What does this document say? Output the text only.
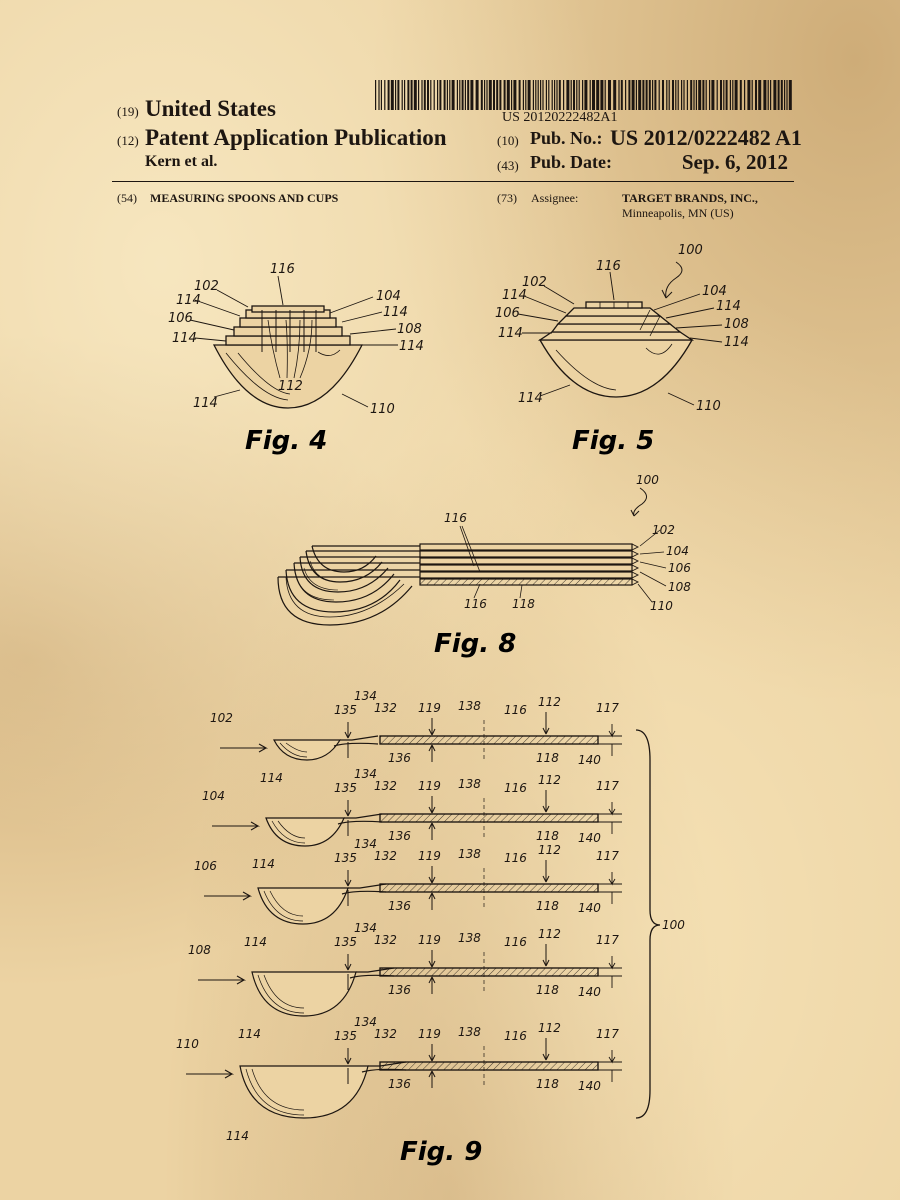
(19) United States
(12) Patent Application Publication
Kern et al.
US 20120222482A1
(10) Pub. No.: US 2012/0222482 A1
(43) Pub. Date:	Sep. 6, 2012
(54) MEASURING SPOONS AND CUPS	(73) Assignee:	TARGET BRANDS, INC.,
Minneapolis, MN (US)
116
102
104
114
114
106
108
114
114
112
114	110
Fig. 4
100
116
102
104
114
114
106
108
114
114
114
110
Fig. 5
100
116
102
104
106
108
110
116 118
Fig. 8
102
134
135 132 119 138 116
112	117
136	118 140
114
104
134
135 132 119 138 116
112	117
136	118 140
114
106
134
135 132 119 138 116
112	117
136	118 140
114
108
134
135 132 119 138 116
112	117
136	118 140
114
110
134
135 132 119 138 116
112	117
136	118 140
114
100
Fig. 9
